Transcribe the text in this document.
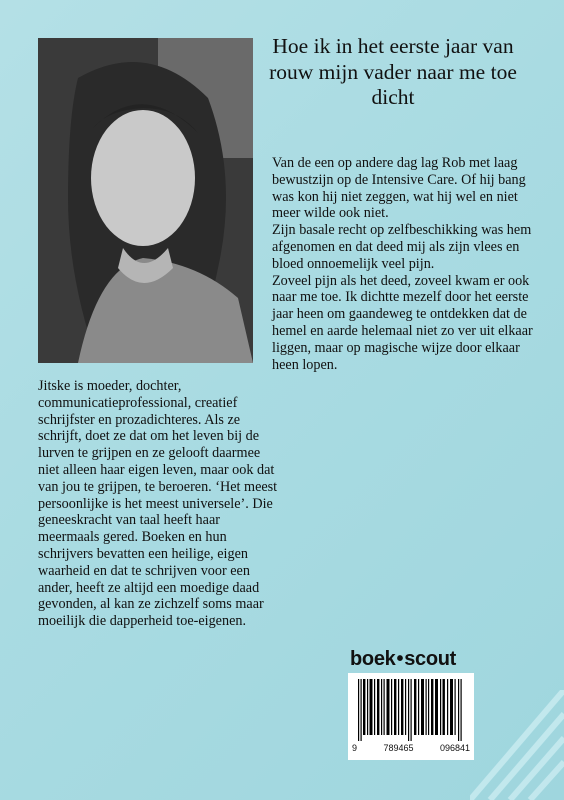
Hoe ik in het eerste jaar van rouw mijn vader naar me toe dicht

Van de een op andere dag lag Rob met laag bewustzijn op de Intensive Care. Of hij bang was kon hij niet zeggen, wat hij wel en niet meer wilde ook niet.

Zijn basale recht op zelfbeschikking was hem afgenomen en dat deed mij als zijn vlees en bloed onnoemelijk veel pijn.

Zoveel pijn als het deed, zoveel kwam er ook naar me toe. Ik dichtte mezelf door het eerste jaar heen om gaandeweg te ontdekken dat de hemel en aarde helemaal niet zo ver uit elkaar liggen, maar op magische wijze door elkaar heen lopen.

Jitske is moeder, dochter, communicatieprofessional, creatief schrijfster en prozadichteres. Als ze schrijft, doet ze dat om het leven bij de lurven te grijpen en ze gelooft daarmee niet alleen haar eigen leven, maar ook dat van jou te grijpen, te beroeren. ‘Het meest persoonlijke is het meest universele’. Die geneeskracht van taal heeft haar meermaals gered. Boeken en hun schrijvers bevatten een heilige, eigen waarheid en dat te schrijven voor een ander, heeft ze altijd een moedige daad gevonden, al kan ze zichzelf soms maar moeilijk die dapperheid toe-eigenen.
boek•scout
9	789465	096841
